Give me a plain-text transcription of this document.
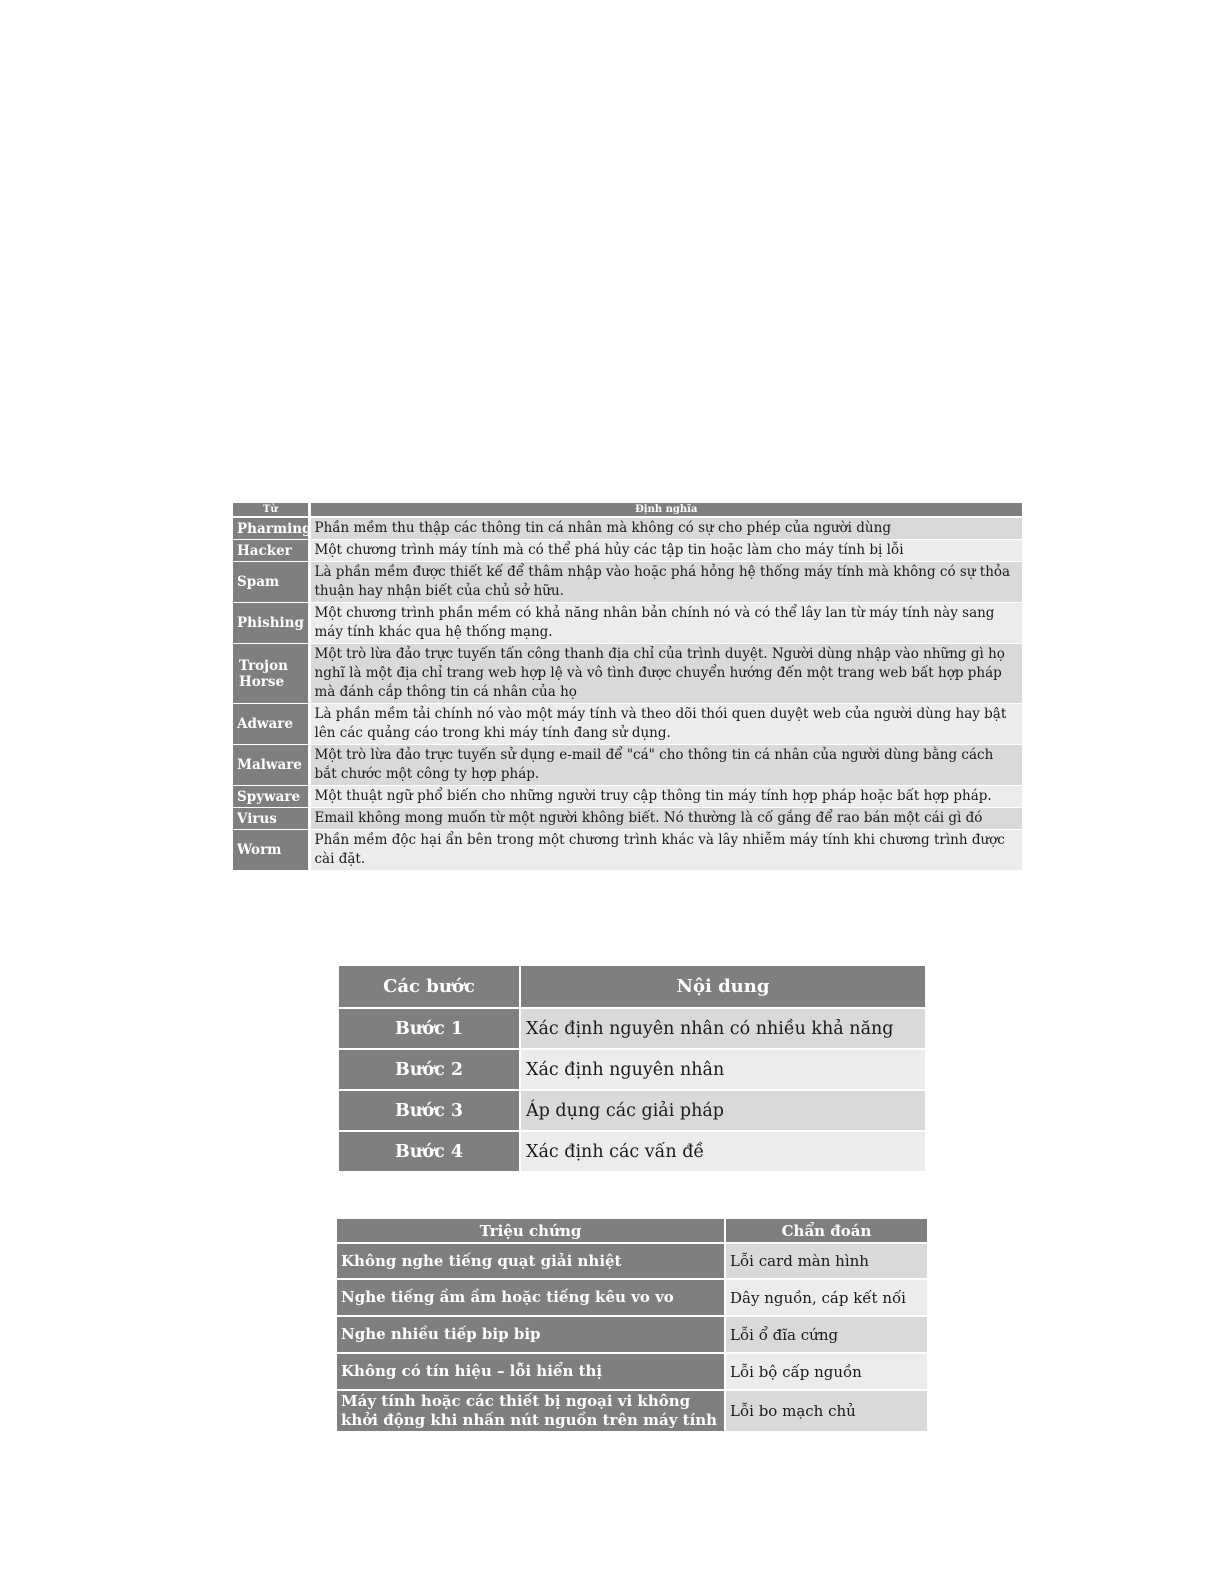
Từ	Định nghĩa
Pharming	Phần mềm thu thập các thông tin cá nhân mà không có sự cho phép của người dùng
Hacker	Một chương trình máy tính mà có thể phá hủy các tập tin hoặc làm cho máy tính bị lỗi
Spam	Là phần mềm được thiết kế để thâm nhập vào hoặc phá hỏng hệ thống máy tính mà không có sự thỏa thuận hay nhận biết của chủ sở hữu.
Phishing	Một chương trình phần mềm có khả năng nhân bản chính nó và có thể lây lan từ máy tính này sang máy tính khác qua hệ thống mạng.
Trojon Horse	Một trò lừa đảo trực tuyến tấn công thanh địa chỉ của trình duyệt. Người dùng nhập vào những gì họ nghĩ là một địa chỉ trang web hợp lệ và vô tình được chuyển hướng đến một trang web bất hợp pháp mà đánh cắp thông tin cá nhân của họ
Adware	Là phần mềm tải chính nó vào một máy tính và theo dõi thói quen duyệt web của người dùng hay bật lên các quảng cáo trong khi máy tính đang sử dụng.
Malware	Một trò lừa đảo trực tuyến sử dụng e-mail để "cá" cho thông tin cá nhân của người dùng bằng cách bắt chước một công ty hợp pháp.
Spyware	Một thuật ngữ phổ biến cho những người truy cập thông tin máy tính hợp pháp hoặc bất hợp pháp.
Virus	Email không mong muốn từ một người không biết. Nó thường là cố gắng để rao bán một cái gì đó
Worm	Phần mềm độc hại ẩn bên trong một chương trình khác và lây nhiễm máy tính khi chương trình được cài đặt.
Các bước	Nội dung
Bước 1	Xác định nguyên nhân có nhiều khả năng
Bước 2	Xác định nguyên nhân
Bước 3	Áp dụng các giải pháp
Bước 4	Xác định các vấn đề
Triệu chứng	Chẩn đoán
Không nghe tiếng quạt giải nhiệt	Lỗi card màn hình
Nghe tiếng ầm ầm hoặc tiếng kêu vo vo	Dây nguồn, cáp kết nối
Nghe nhiều tiếp bip bip	Lỗi ổ đĩa cứng
Không có tín hiệu – lỗi hiển thị	Lỗi bộ cấp nguồn
Máy tính hoặc các thiết bị ngoại vi không khởi động khi nhấn nút nguồn trên máy tính	Lỗi bo mạch chủ
